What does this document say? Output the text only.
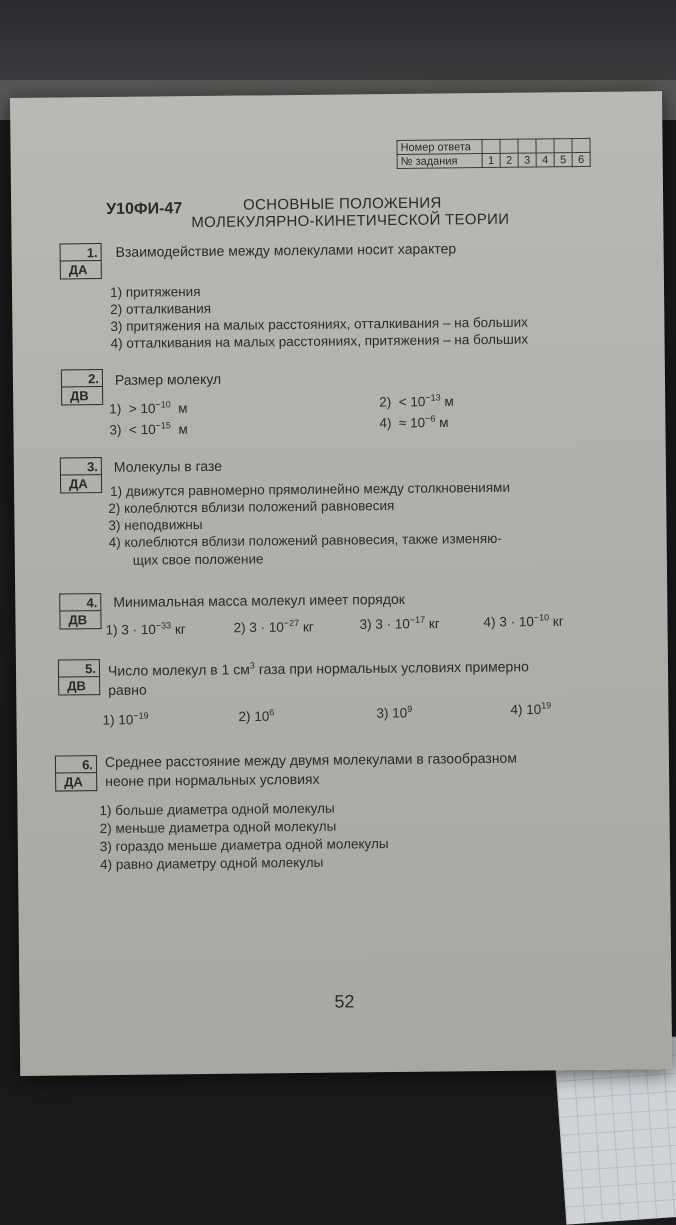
Номер ответа						
№ задания	1	2	3	4	5	6
У10ФИ-47	ОСНОВНЫЕ ПОЛОЖЕНИЯ
МОЛЕКУЛЯРНО-КИНЕТИЧЕСКОЙ ТЕОРИИ
1.
ДА
Взаимодействие между молекулами носит характер
1) притяжения
2) отталкивания
3) притяжения на малых расстояниях, отталкивания – на больших
4) отталкивания на малых расстояниях, притяжения – на больших
2.
ДВ
Размер молекул
$1) > 10^{-10}$ м	$2) < 10^{-13}$ м
$3) < 10^{-15}$ м	$4) \approx 10^{-6}$ м
3.
ДА
Молекулы в газе
1) движутся равномерно прямолинейно между столкновениями
2) колеблются вблизи положений равновесия
3) неподвижны
4) колеблются вблизи положений равновесия, также изменяю-
щих свое положение
4.
ДВ
Минимальная масса молекул имеет порядок
1) $3 \cdot 10^{-33}$ кг	2) $3 \cdot 10^{-27}$ кг	3) $3 \cdot 10^{-17}$ кг	4) $3 \cdot 10^{-10}$ кг
5.
ДВ
Число молекул в 1 $см^3$ газа при нормальных условиях примерно
равно
1) $10^{-19}$	2) $10^6$	3) $10^9$	4) $10^{19}$
6.
ДА
Среднее расстояние между двумя молекулами в газообразном
неоне при нормальных условиях
1) больше диаметра одной молекулы
2) меньше диаметра одной молекулы
3) гораздо меньше диаметра одной молекулы
4) равно диаметру одной молекулы
52
